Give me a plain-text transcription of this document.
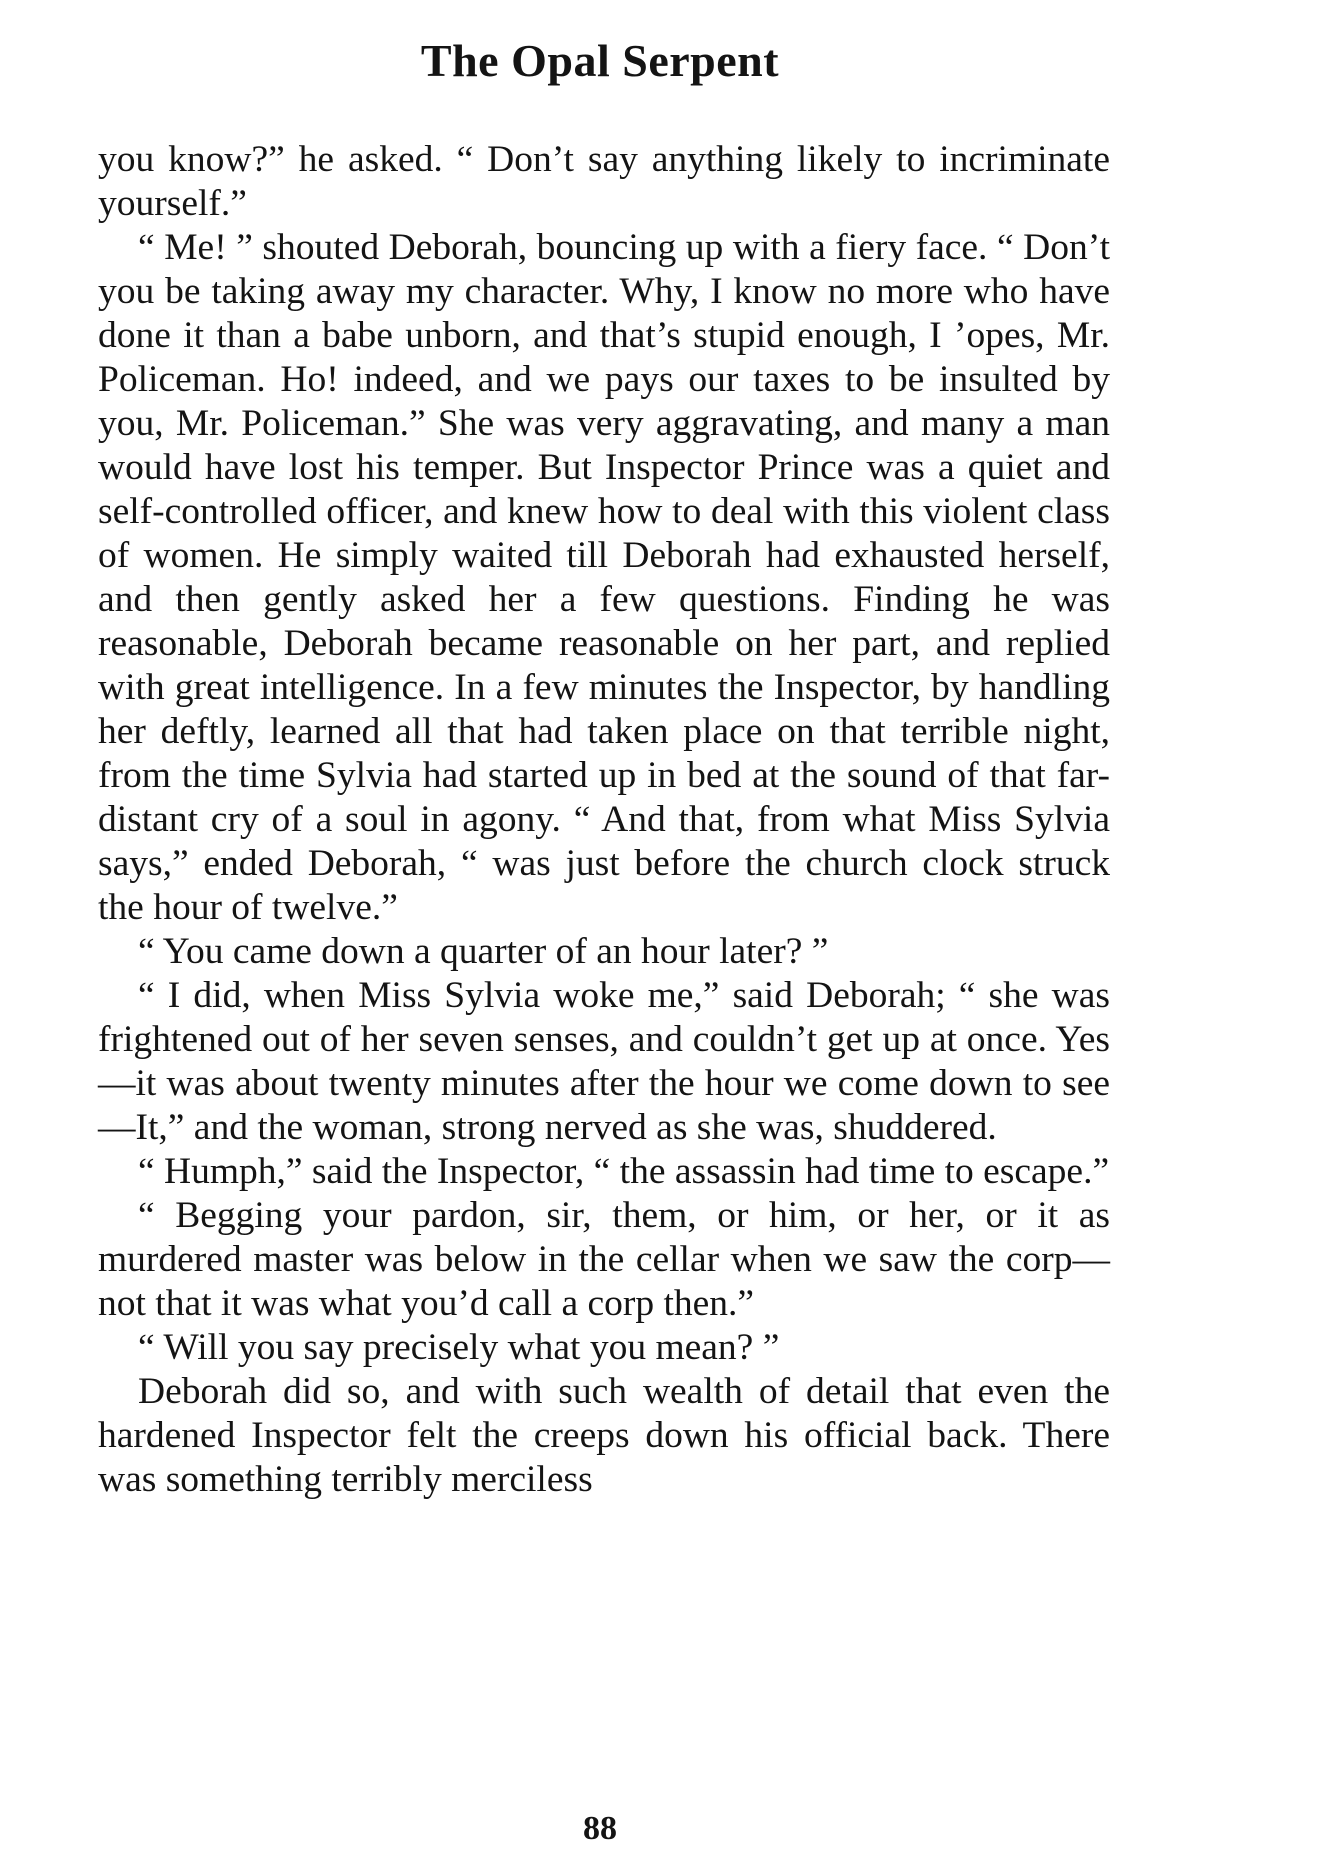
The Opal Serpent

you know?” he asked. “ Don’t say anything likely to incriminate yourself.”

“ Me! ” shouted Deborah, bouncing up with a fiery face. “ Don’t you be taking away my character. Why, I know no more who have done it than a babe unborn, and that’s stupid enough, I ’opes, Mr. Policeman. Ho! indeed, and we pays our taxes to be insulted by you, Mr. Policeman.” She was very aggravating, and many a man would have lost his temper. But Inspector Prince was a quiet and self-controlled officer, and knew how to deal with this violent class of women. He simply waited till Deborah had exhausted herself, and then gently asked her a few questions. Finding he was reasonable, Deborah became reasonable on her part, and replied with great intelligence. In a few minutes the Inspector, by handling her deftly, learned all that had taken place on that terrible night, from the time Sylvia had started up in bed at the sound of that far-distant cry of a soul in agony. “ And that, from what Miss Sylvia says,” ended Deborah, “ was just before the church clock struck the hour of twelve.”

“ You came down a quarter of an hour later? ”

“ I did, when Miss Sylvia woke me,” said Deborah; “ she was frightened out of her seven senses, and couldn’t get up at once. Yes—it was about twenty minutes after the hour we come down to see—It,” and the woman, strong nerved as she was, shuddered.

“ Humph,” said the Inspector, “ the assassin had time to escape.”

“ Begging your pardon, sir, them, or him, or her, or it as murdered master was below in the cellar when we saw the corp—not that it was what you’d call a corp then.”

“ Will you say precisely what you mean? ”

Deborah did so, and with such wealth of detail that even the hardened Inspector felt the creeps down his official back. There was something terribly merciless

88
